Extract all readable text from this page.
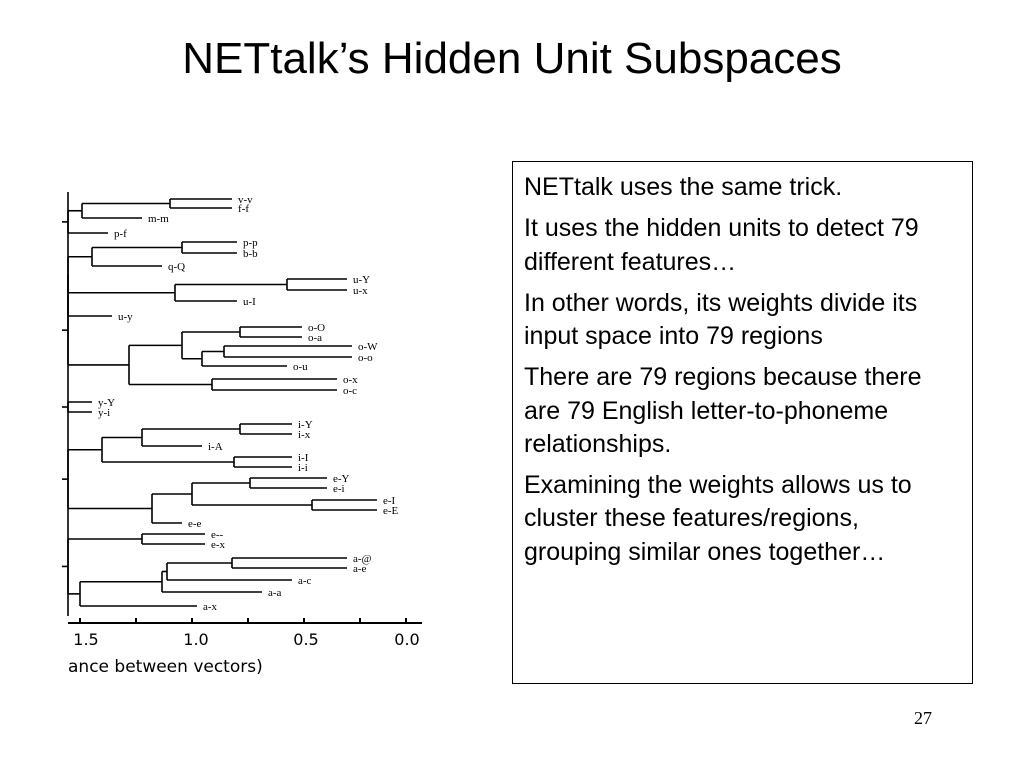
NETtalk’s Hidden Unit Subspaces
v-v
f-f
m-m
p-f
p-p
b-b
q-Q
u-Y
u-x
u-I
u-y
o-O
o-a
o-W
o-o
o-u
o-x
o-c
y-Y
y-i
i-Y
i-x
i-A
i-I
i-i
e-Y
e-i
e-I
e-E
e-e
e--
e-x
a-@
a-e
a-c
a-a
a-x
1.5	1.0	0.5	0.0
ance between vectors)

NETtalk uses the same trick.

It uses the hidden units to detect 79 different features…

In other words, its weights divide its input space into 79 regions

There are 79 regions because there are 79 English letter-to-phoneme relationships.

Examining the weights allows us to cluster these features/regions, grouping similar ones together…

27
